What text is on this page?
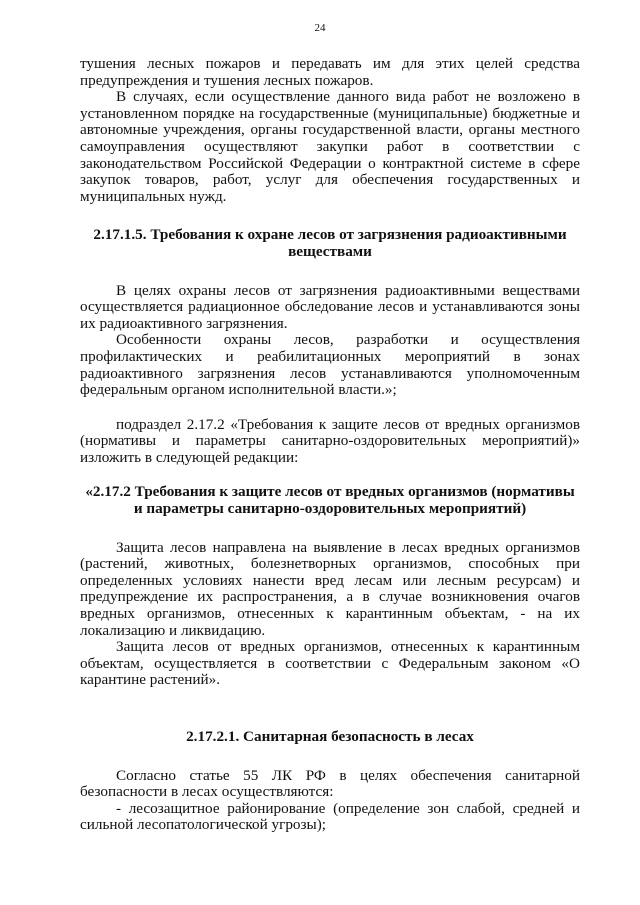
24

тушения лесных пожаров и передавать им для этих целей средства предупреждения и тушения лесных пожаров.

В случаях, если осуществление данного вида работ не возложено в установленном порядке на государственные (муниципальные) бюджетные и автономные учреждения, органы государственной власти, органы местного самоуправления осуществляют закупки работ в соответствии с законодательством Российской Федерации о контрактной системе в сфере закупок товаров, работ, услуг для обеспечения государственных и муниципальных нужд.

2.17.1.5. Требования к охране лесов от загрязнения радиоактивными веществами

В целях охраны лесов от загрязнения радиоактивными веществами осуществляется радиационное обследование лесов и устанавливаются зоны их радиоактивного загрязнения.

Особенности охраны лесов, разработки и осуществления профилактических и реабилитационных мероприятий в зонах радиоактивного загрязнения лесов устанавливаются уполномоченным федеральным органом исполнительной власти.»;

подраздел 2.17.2 «Требования к защите лесов от вредных организмов (нормативы и параметры санитарно-оздоровительных мероприятий)» изложить в следующей редакции:

«2.17.2 Требования к защите лесов от вредных организмов (нормативы и параметры санитарно-оздоровительных мероприятий)

Защита лесов направлена на выявление в лесах вредных организмов (растений, животных, болезнетворных организмов, способных при определенных условиях нанести вред лесам или лесным ресурсам) и предупреждение их распространения, а в случае возникновения очагов вредных организмов, отнесенных к карантинным объектам, - на их локализацию и ликвидацию.

Защита лесов от вредных организмов, отнесенных к карантинным объектам, осуществляется в соответствии с Федеральным законом «О карантине растений».

2.17.2.1. Санитарная безопасность в лесах

Согласно статье 55 ЛК РФ в целях обеспечения санитарной безопасности в лесах осуществляются:

- лесозащитное районирование (определение зон слабой, средней и сильной лесопатологической угрозы);
